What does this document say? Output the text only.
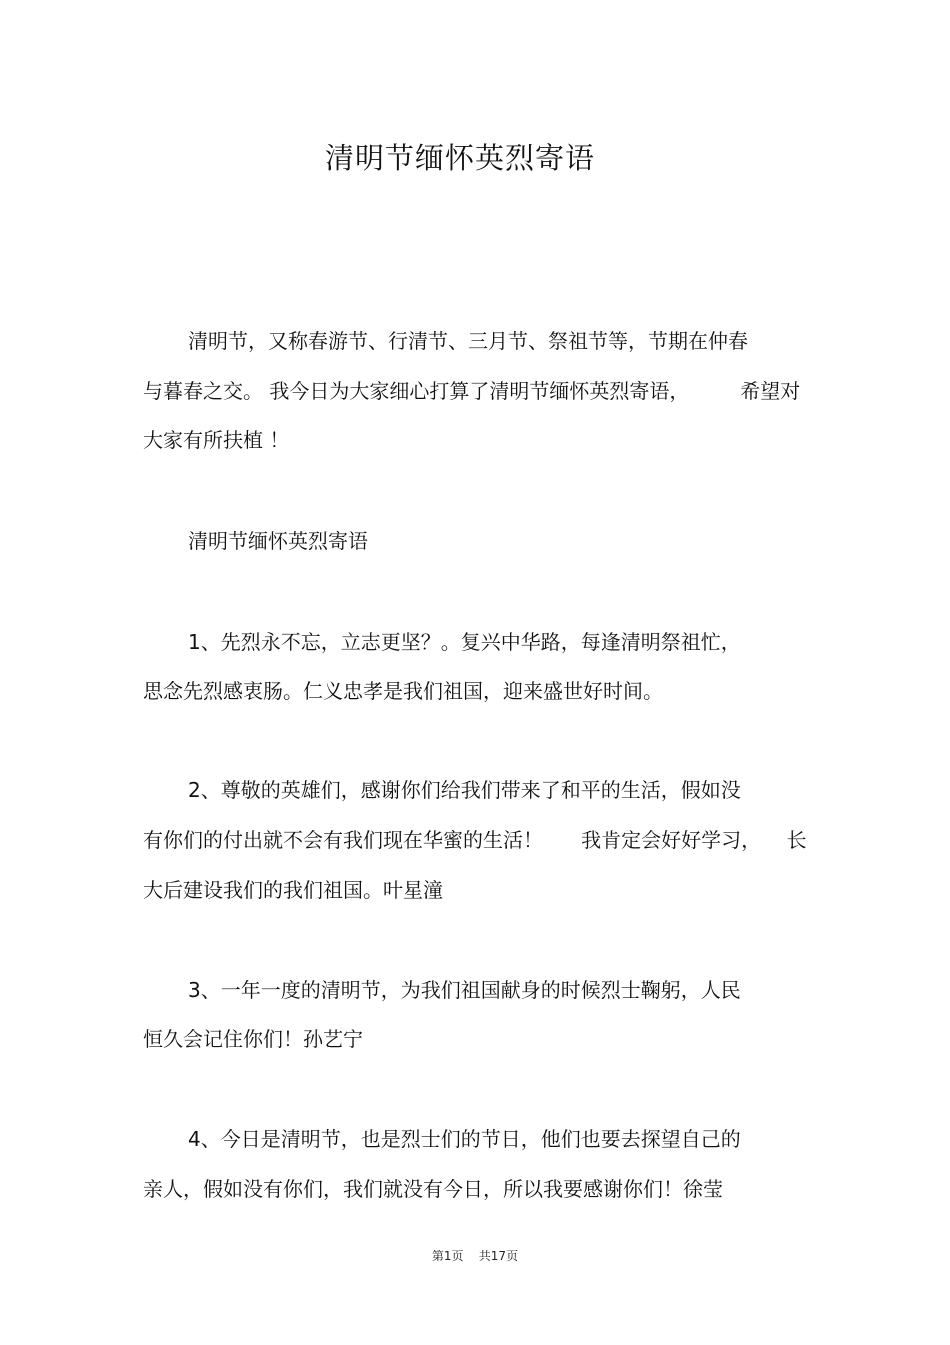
清明节缅怀英烈寄语
清明节，又称春游节、行清节、三月节、祭祖节等，节期在仲春
与暮春之交。 我今日为大家细心打算了清明节缅怀英烈寄语，        希望对
大家有所扶植 ！
清明节缅怀英烈寄语
1、先烈永不忘，立志更坚？。复兴中华路，每逢清明祭祖忙，
思念先烈感衷肠。仁义忠孝是我们祖国，迎来盛世好时间。
2、尊敬的英雄们，感谢你们给我们带来了和平的生活，假如没
有你们的付出就不会有我们现在华蜜的生活！      我肯定会好好学习，    长
大后建设我们的我们祖国。叶星潼
3、一年一度的清明节，为我们祖国献身的时候烈士鞠躬，人民
恒久会记住你们！孙艺宁
4、今日是清明节，也是烈士们的节日，他们也要去探望自己的
亲人，假如没有你们，我们就没有今日，所以我要感谢你们！徐莹
第1页    共17页
